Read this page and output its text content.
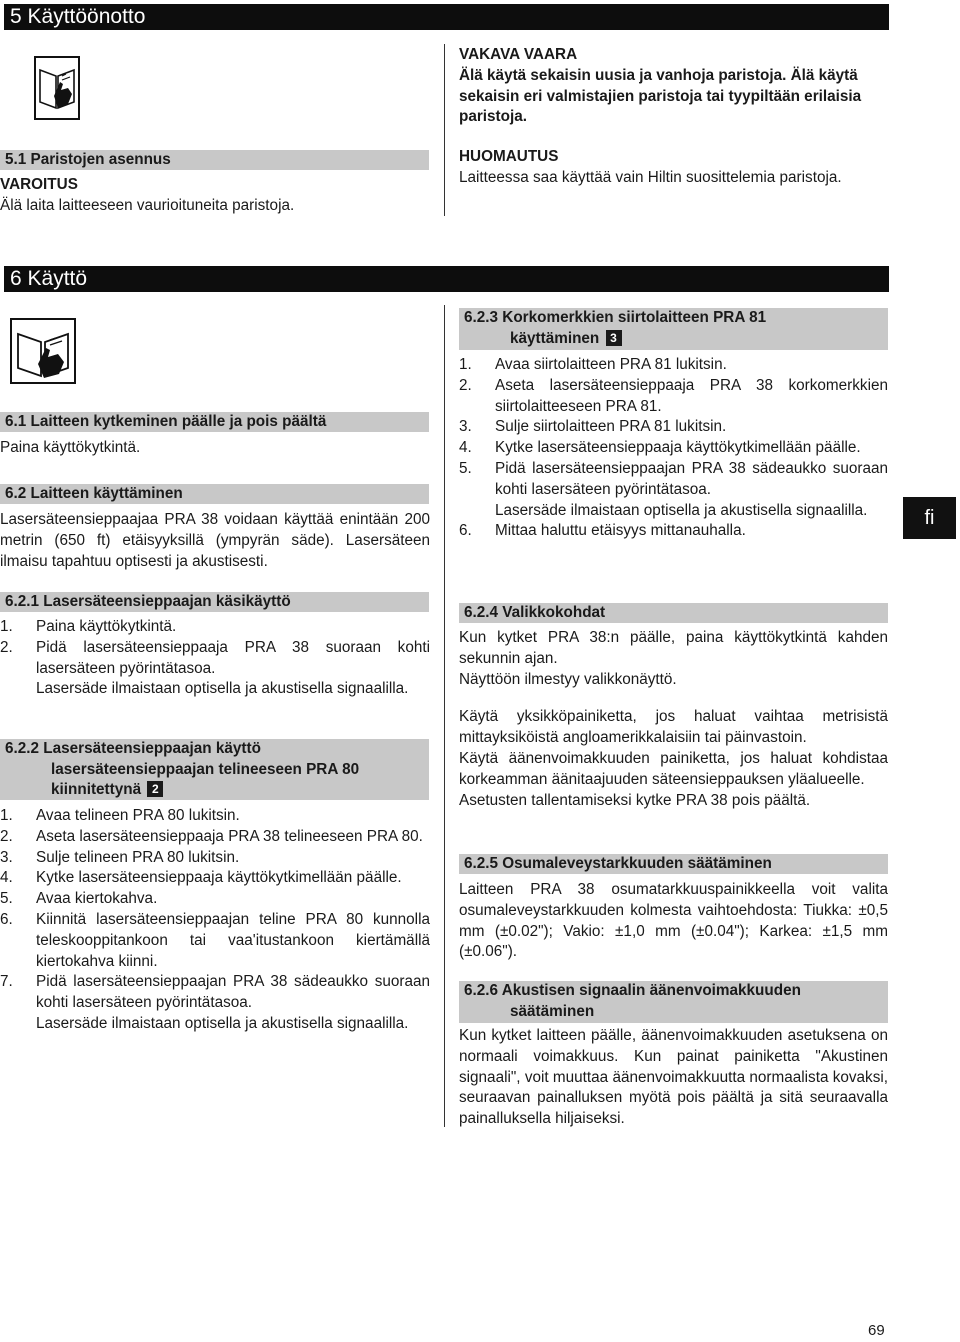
5 Käyttöönotto
5.1 Paristojen asennus
VAROITUS
Älä laita laitteeseen vaurioituneita paristoja.
VAKAVA VAARA
Älä käytä sekaisin uusia ja vanhoja paristoja. Älä käytä sekaisin eri valmistajien paristoja tai tyypiltään erilaisia paristoja.
HUOMAUTUS
Laitteessa saa käyttää vain Hiltin suosittelemia paristoja.
6 Käyttö
6.1 Laitteen kytkeminen päälle ja pois päältä
Paina käyttökytkintä.
6.2 Laitteen käyttäminen
Lasersäteensieppaajaa PRA 38 voidaan käyttää enintään 200 metrin (650 ft) etäisyyksillä (ympyrän säde). Lasersäteen ilmaisu tapahtuu optisesti ja akustisesti.
6.2.1 Lasersäteensieppaajan käsikäyttö
1. Paina käyttökytkintä.
2. Pidä lasersäteensieppaaja PRA 38 suoraan kohti lasersäteen pyörintätasoa.
Lasersäde ilmaistaan optisella ja akustisella signaalilla.
6.2.2 Lasersäteensieppaajan käyttö
lasersäteensieppaajan telineeseen PRA 80
kiinnitettynä 2
1. Avaa telineen PRA 80 lukitsin.
2. Aseta lasersäteensieppaaja PRA 38 telineeseen PRA 80.
3. Sulje telineen PRA 80 lukitsin.
4. Kytke lasersäteensieppaaja käyttökytkimellään päälle.
5. Avaa kiertokahva.
6. Kiinnitä lasersäteensieppaajan teline PRA 80 kunnolla teleskooppitankoon tai vaa'itustankoon kiertämällä kiertokahva kiinni.
7. Pidä lasersäteensieppaajan PRA 38 sädeaukko suoraan kohti lasersäteen pyörintätasoa.
Lasersäde ilmaistaan optisella ja akustisella signaalilla.
6.2.3 Korkomerkkien siirtolaitteen PRA 81
käyttäminen 3
1. Avaa siirtolaitteen PRA 81 lukitsin.
2. Aseta lasersäteensieppaaja PRA 38 korkomerkkien siirtolaitteeseen PRA 81.
3. Sulje siirtolaitteen PRA 81 lukitsin.
4. Kytke lasersäteensieppaaja käyttökytkimellään päälle.
5. Pidä lasersäteensieppaajan PRA 38 sädeaukko suoraan kohti lasersäteen pyörintätasoa.
Lasersäde ilmaistaan optisella ja akustisella signaalilla.
6. Mittaa haluttu etäisyys mittanauhalla.
6.2.4 Valikkokohdat
Kun kytket PRA 38:n päälle, paina käyttökytkintä kahden sekunnin ajan.
Näyttöön ilmestyy valikkonäyttö.
Käytä yksikköpainiketta, jos haluat vaihtaa metrisistä mittayksiköistä angloamerikkalaisiin tai päinvastoin.
Käytä äänenvoimakkuuden painiketta, jos haluat kohdistaa korkeamman äänitaajuuden säteensieppauksen yläalueelle.
Asetusten tallentamiseksi kytke PRA 38 pois päältä.
6.2.5 Osumaleveystarkkuuden säätäminen
Laitteen PRA 38 osumatarkkuuspainikkeella voit valita osumaleveystarkkuuden kolmesta vaihtoehdosta: Tiukka: ±0,5 mm (±0.02"); Vakio: ±1,0 mm (±0.04"); Karkea: ±1,5 mm (±0.06").
6.2.6 Akustisen signaalin äänenvoimakkuuden
säätäminen
Kun kytket laitteen päälle, äänenvoimakkuuden asetuksena on normaali voimakkuus. Kun painat painiketta "Akustinen signaali", voit muuttaa äänenvoimakkuutta normaalista kovaksi, seuraavan painalluksen myötä pois päältä ja sitä seuraavalla painalluksella hiljaiseksi.
fi
69
